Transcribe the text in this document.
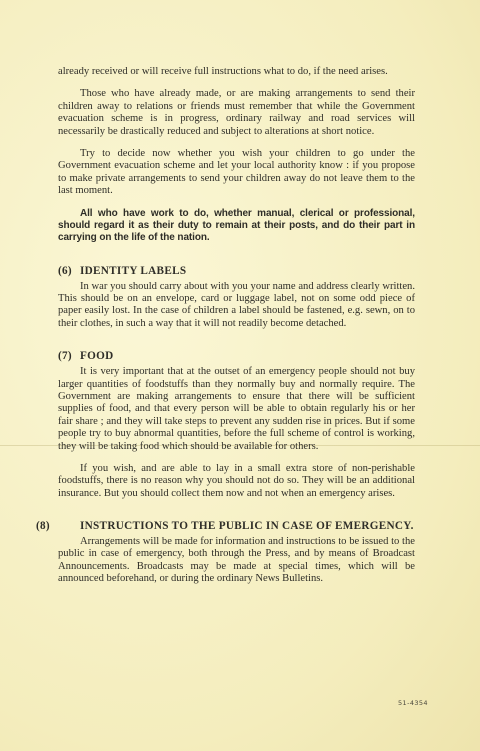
already received or will receive full instructions what to do, if the need arises.

Those who have already made, or are making arrangements to send their children away to relations or friends must remember that while the Government evacuation scheme is in progress, ordinary railway and road services will necessarily be drastically reduced and subject to alterations at short notice.

Try to decide now whether you wish your children to go under the Government evacuation scheme and let your local authority know : if you propose to make private arrangements to send your children away do not leave them to the last moment.

All who have work to do, whether manual, clerical or professional, should regard it as their duty to remain at their posts, and do their part in carrying on the life of the nation.

(6) IDENTITY LABELS

In war you should carry about with you your name and address clearly written. This should be on an envelope, card or luggage label, not on some odd piece of paper easily lost. In the case of children a label should be fastened, e.g. sewn, on to their clothes, in such a way that it will not readily become detached.

(7) FOOD

It is very important that at the outset of an emergency people should not buy larger quantities of foodstuffs than they normally buy and normally require. The Government are making arrangements to ensure that there will be sufficient supplies of food, and that every person will be able to obtain regularly his or her fair share ; and they will take steps to prevent any sudden rise in prices. But if some people try to buy abnormal quantities, before the full scheme of control is working, they will be taking food which should be available for others.

If you wish, and are able to lay in a small extra store of non-perishable foodstuffs, there is no reason why you should not do so. They will be an additional insurance. But you should collect them now and not when an emergency arises.

(8)	INSTRUCTIONS TO THE PUBLIC IN CASE OF EMERGENCY.

Arrangements will be made for information and instructions to be issued to the public in case of emergency, both through the Press, and by means of Broadcast Announcements. Broadcasts may be made at special times, which will be announced beforehand, or during the ordinary News Bulletins.

51-4354
